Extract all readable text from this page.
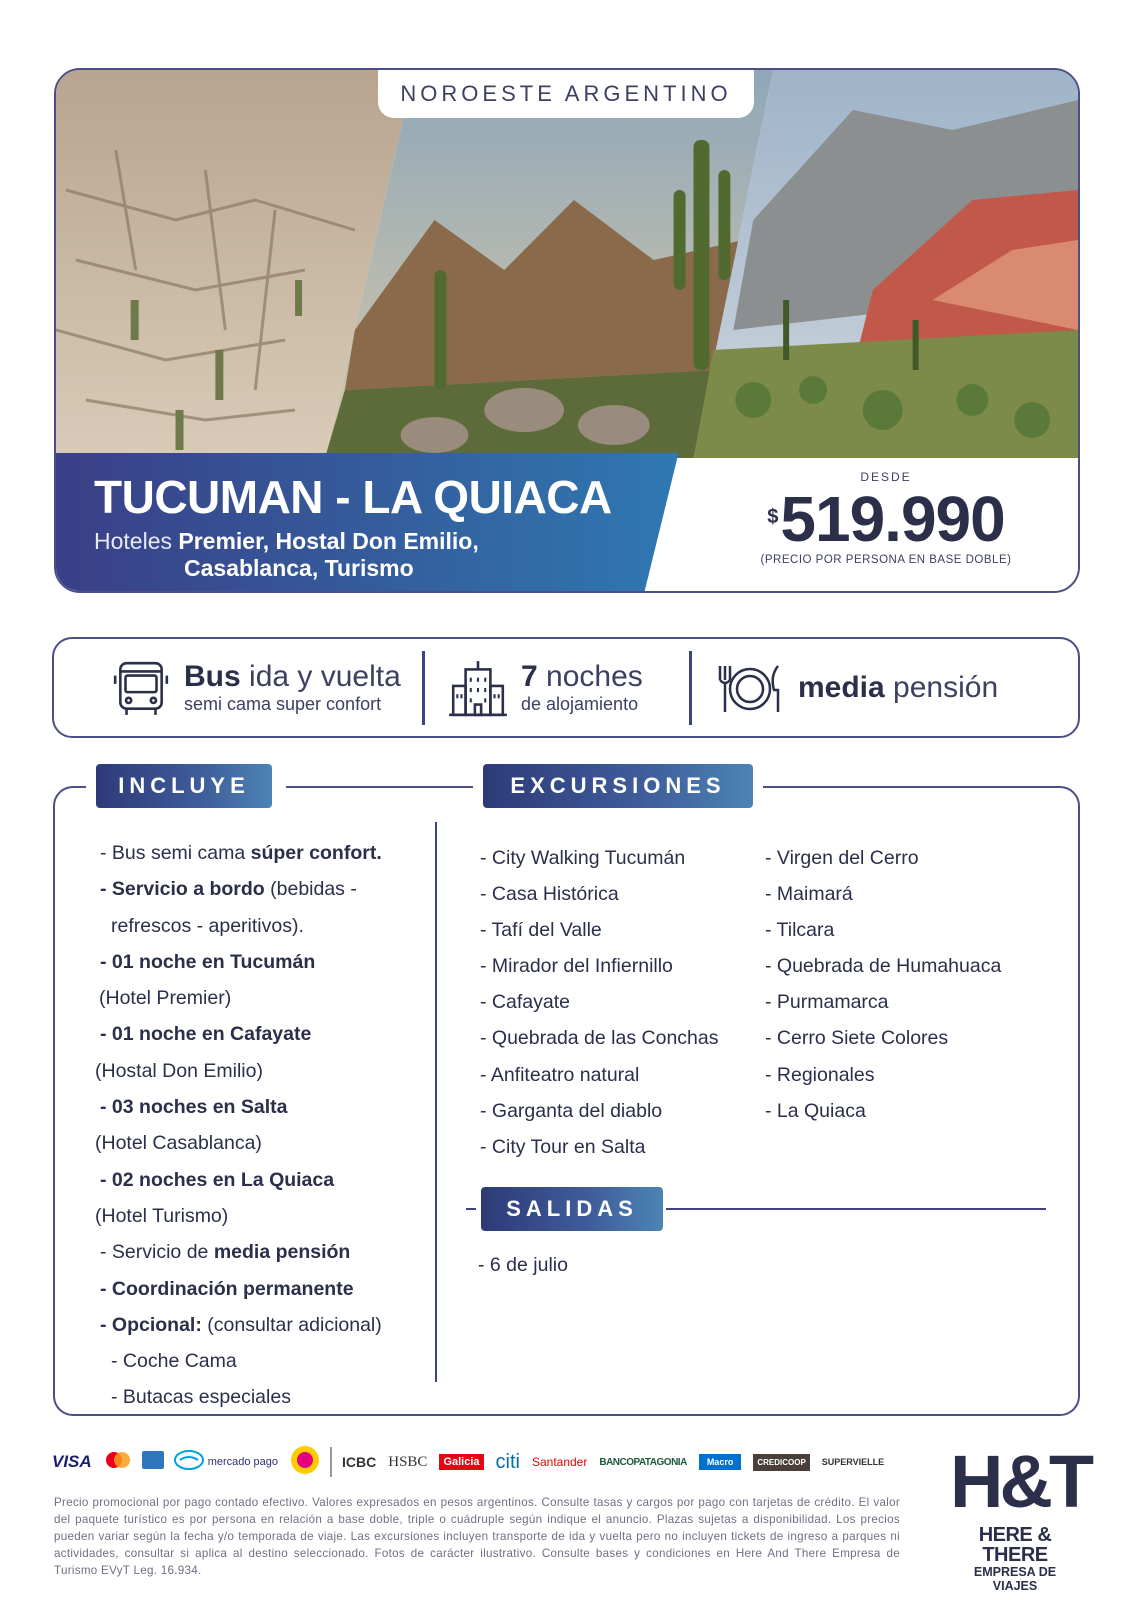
NOROESTE ARGENTINO
TUCUMAN - LA QUIACA
Hoteles Premier, Hostal Don Emilio,
Casablanca, Turismo
DESDE
$ 519.990
(PRECIO POR PERSONA EN BASE DOBLE)
Bus ida y vuelta
semi cama super confort
7 noches
de alojamiento	media pensión
INCLUYE	EXCURSIONES
- Bus semi cama súper confort.
- Servicio a bordo (bebidas -
refrescos - aperitivos).
- 01 noche en Tucumán
(Hotel Premier)
- 01 noche en Cafayate
(Hostal Don Emilio)
- 03 noches en Salta
(Hotel Casablanca)
- 02 noches en La Quiaca
(Hotel Turismo)
- Servicio de media pensión
- Coordinación permanente
- Opcional: (consultar adicional)
- Coche Cama
- Butacas especiales
- City Walking Tucumán
- Casa Histórica
- Tafí del Valle
- Mirador del Infiernillo
- Cafayate
- Quebrada de las Conchas
- Anfiteatro natural
- Garganta del diablo
- City Tour en Salta
- Virgen del Cerro
- Maimará
- Tilcara
- Quebrada de Humahuaca
- Purmamarca
- Cerro Siete Colores
- Regionales
- La Quiaca
SALIDAS
- 6 de julio
VISA	mercado pago	ICBC HSBC	Galicia citi Santander BANCOPATAGONIA	Macro	CREDICOOP	SUPERVIELLE
Precio promocional por pago contado efectivo. Valores expresados en pesos argentinos. Consulte tasas y cargos por pago con tarjetas de crédito. El valor del paquete turístico es por persona en relación a base doble, triple o cuádruple según indique el anuncio. Plazas sujetas a disponibilidad. Los precios pueden variar según la fecha y/o temporada de viaje. Las excursiones incluyen transporte de ida y vuelta pero no incluyen tickets de ingreso a parques ni actividades, consultar si aplica al destino seleccionado. Fotos de carácter ilustrativo. Consulte bases y condiciones en Here And There Empresa de Turismo EVyT Leg. 16.934.
H&T
HERE & THERE
EMPRESA DE VIAJES
